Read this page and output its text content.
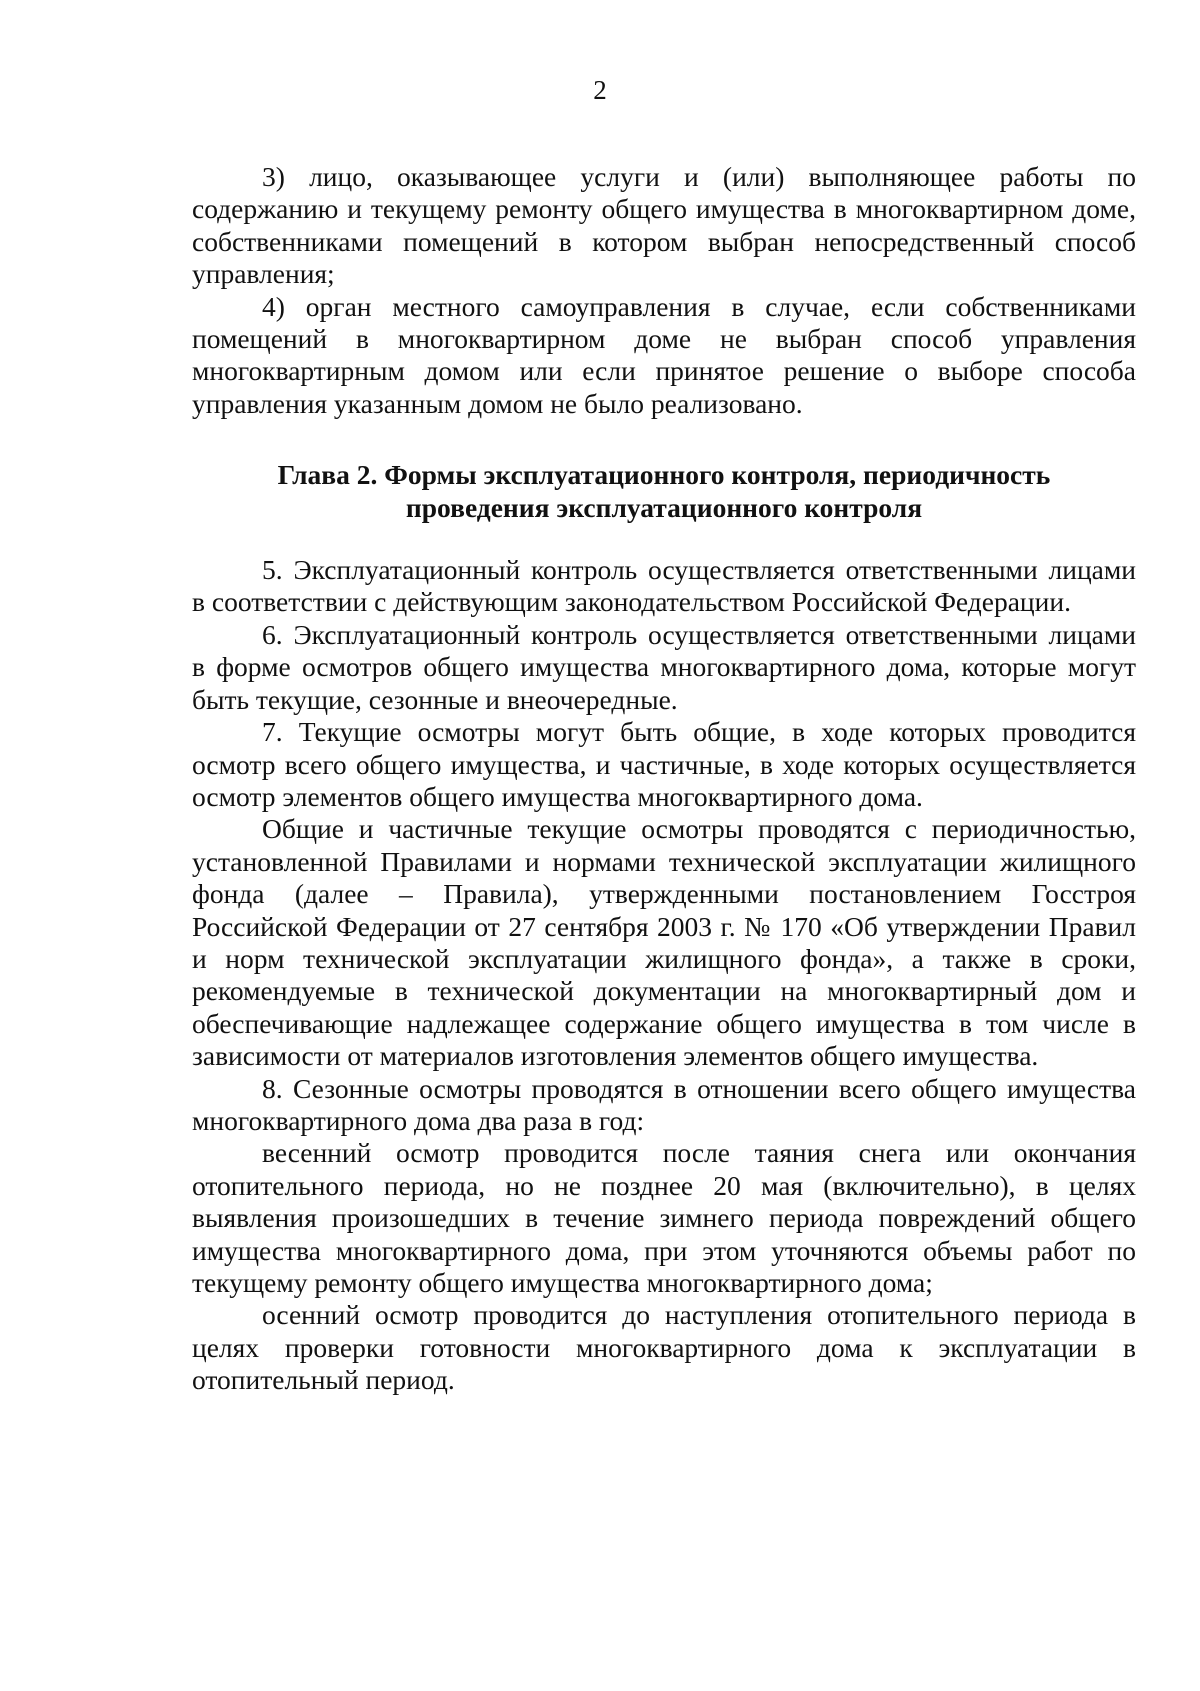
2

3) лицо, оказывающее услуги и (или) выполняющее работы по содержанию и текущему ремонту общего имущества в многоквартирном доме, собственниками помещений в котором выбран непосредственный способ управления;

4) орган местного самоуправления в случае, если собственниками помещений в многоквартирном доме не выбран способ управления многоквартирным домом или если принятое решение о выборе способа управления указанным домом не было реализовано.

Глава 2. Формы эксплуатационного контроля, периодичность
проведения эксплуатационного контроля

5. Эксплуатационный контроль осуществляется ответственными лицами в соответствии с действующим законодательством Российской Федерации.

6. Эксплуатационный контроль осуществляется ответственными лицами в форме осмотров общего имущества многоквартирного дома, которые могут быть текущие, сезонные и внеочередные.

7. Текущие осмотры могут быть общие, в ходе которых проводится осмотр всего общего имущества, и частичные, в ходе которых осуществляется осмотр элементов общего имущества многоквартирного дома.

Общие и частичные текущие осмотры проводятся с периодичностью, установленной Правилами и нормами технической эксплуатации жилищного фонда (далее – Правила), утвержденными постановлением Госстроя Российской Федерации от 27 сентября 2003 г. № 170 «Об утверждении Правил и норм технической эксплуатации жилищного фонда», а также в сроки, рекомендуемые в технической документации на многоквартирный дом и обеспечивающие надлежащее содержание общего имущества в том числе в зависимости от материалов изготовления элементов общего имущества.

8. Сезонные осмотры проводятся в отношении всего общего имущества многоквартирного дома два раза в год:

весенний осмотр проводится после таяния снега или окончания отопительного периода, но не позднее 20 мая (включительно), в целях выявления произошедших в течение зимнего периода повреждений общего имущества многоквартирного дома, при этом уточняются объемы работ по текущему ремонту общего имущества многоквартирного дома;

осенний осмотр проводится до наступления отопительного периода в целях проверки готовности многоквартирного дома к эксплуатации в отопительный период.
